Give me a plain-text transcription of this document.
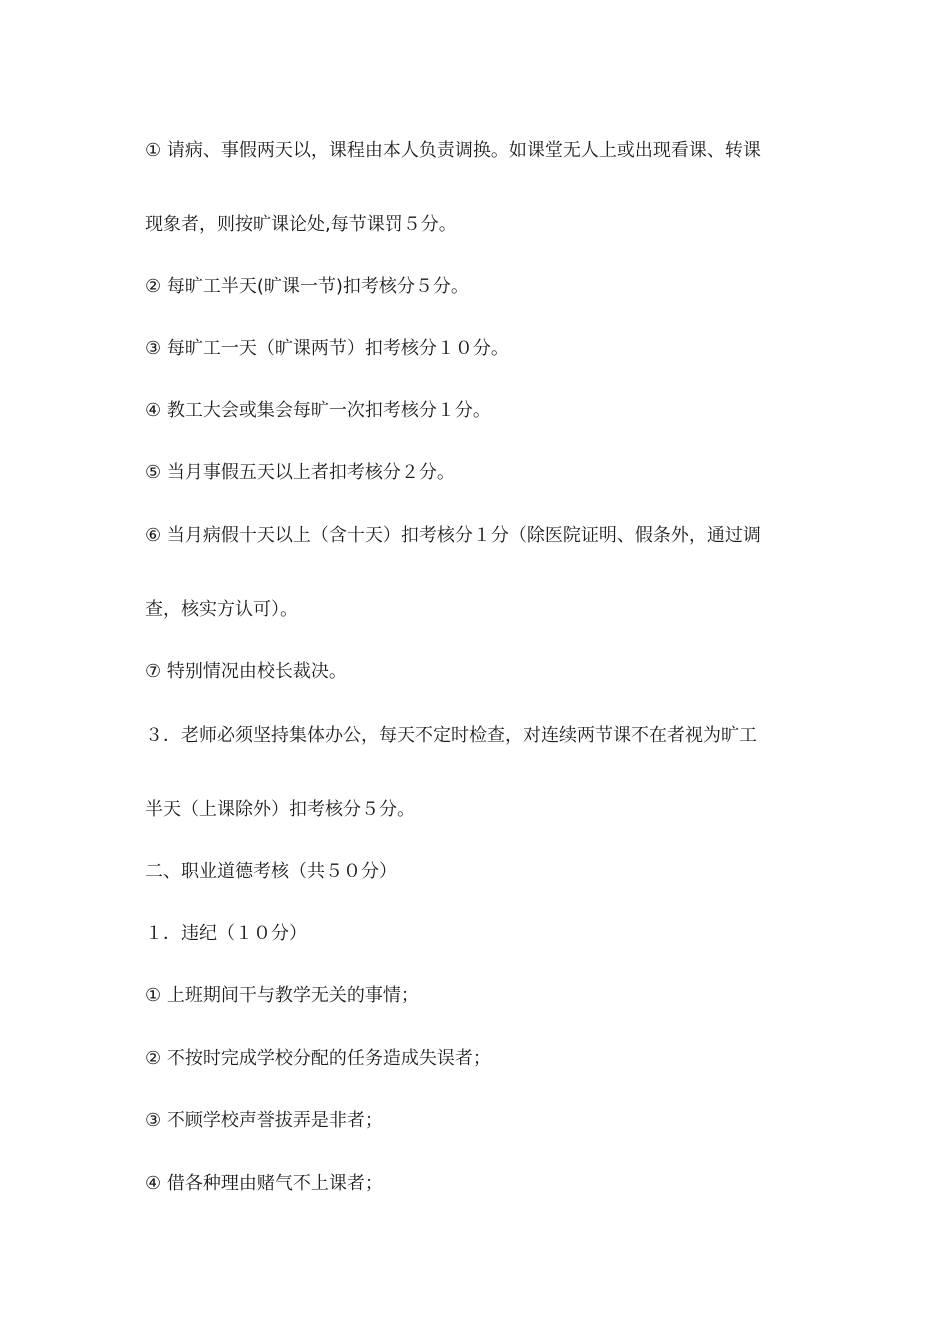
① 请病、事假两天以，课程由本人负责调换。如课堂无人上或出现看课、转课
现象者，则按旷课论处,每节课罚５分。
② 每旷工半天(旷课一节)扣考核分５分。
③ 每旷工一天（旷课两节）扣考核分１０分。
④ 教工大会或集会每旷一次扣考核分１分。
⑤ 当月事假五天以上者扣考核分２分。
⑥ 当月病假十天以上（含十天）扣考核分１分（除医院证明、假条外，通过调
查，核实方认可）。
⑦ 特别情况由校长裁决。
３．老师必须坚持集体办公，每天不定时检查，对连续两节课不在者视为旷工
半天（上课除外）扣考核分５分。
二、职业道德考核（共５０分）
１．违纪（１０分）
① 上班期间干与教学无关的事情；
② 不按时完成学校分配的任务造成失误者；
③ 不顾学校声誉拔弄是非者；
④ 借各种理由赌气不上课者；
